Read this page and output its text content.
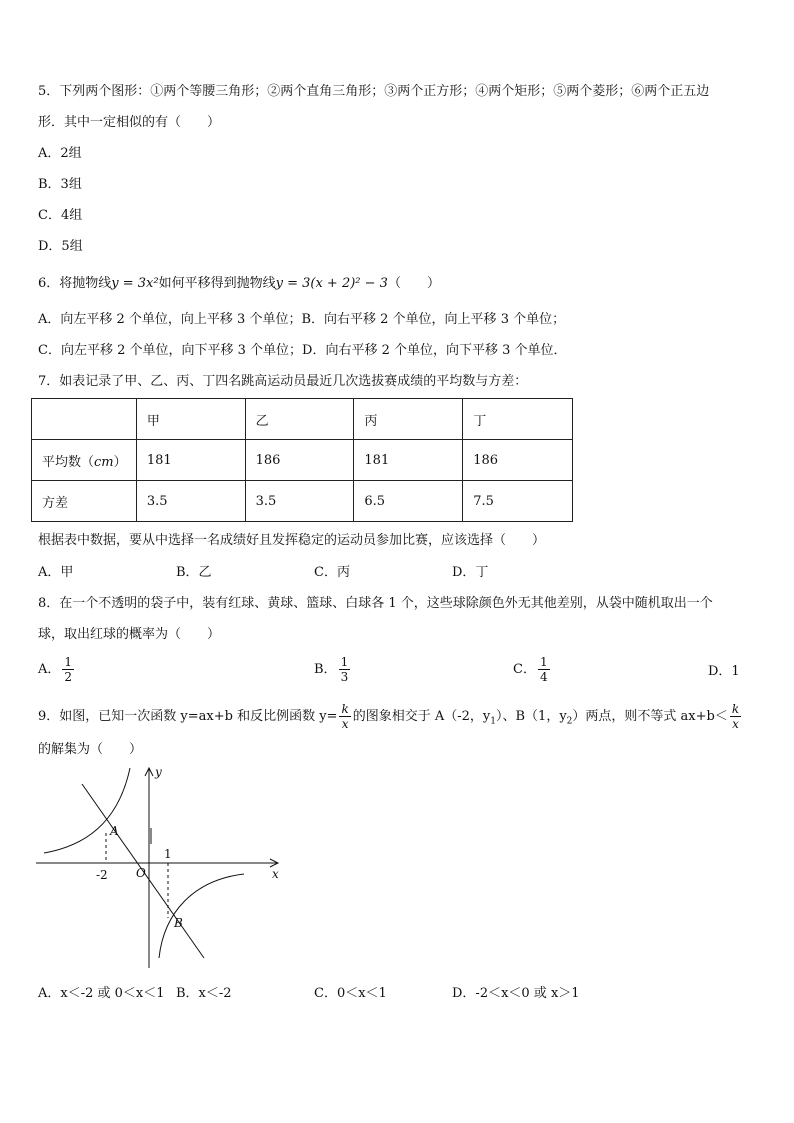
5．下列两个图形：①两个等腰三角形；②两个直角三角形；③两个正方形；④两个矩形；⑤两个菱形；⑥两个正五边
形．其中一定相似的有（　　）
A．2组
B．3组
C．4组
D．5组
6．将抛物线y = 3x²如何平移得到抛物线y = 3(x + 2)² − 3（　　）
A．向左平移 2 个单位，向上平移 3 个单位；B．向右平移 2 个单位，向上平移 3 个单位；
C．向左平移 2 个单位，向下平移 3 个单位；D．向右平移 2 个单位，向下平移 3 个单位．
7．如表记录了甲、乙、丙、丁四名跳高运动员最近几次选拔赛成绩的平均数与方差：
	甲	乙	丙	丁
平均数（cm）	181	186	181	186
方差	3.5	3.5	6.5	7.5
根据表中数据，要从中选择一名成绩好且发挥稳定的运动员参加比赛，应该选择（　　）
A．甲	B．乙	C．丙	D．丁
8．在一个不透明的袋子中，装有红球、黄球、篮球、白球各 1 个，这些球除颜色外无其他差别，从袋中随机取出一个
球，取出红球的概率为（　　）
A． $\frac{1}{2}$	B． $\frac{1}{3}$	C． $\frac{1}{4}$	D．1
9．如图，已知一次函数 y=ax+b 和反比例函数 $y= \frac{k}{x}$ 的图象相交于 A（-2，$y_1$）、B（1，$y_2$）两点，则不等式 $ax+b< \frac{k}{x}$
的解集为（　　）
y
x
O
A
B
-2
1
A．x＜-2 或 0＜x＜1 B．x＜-2	C．0＜x＜1	D．-2＜x＜0 或 x＞1
